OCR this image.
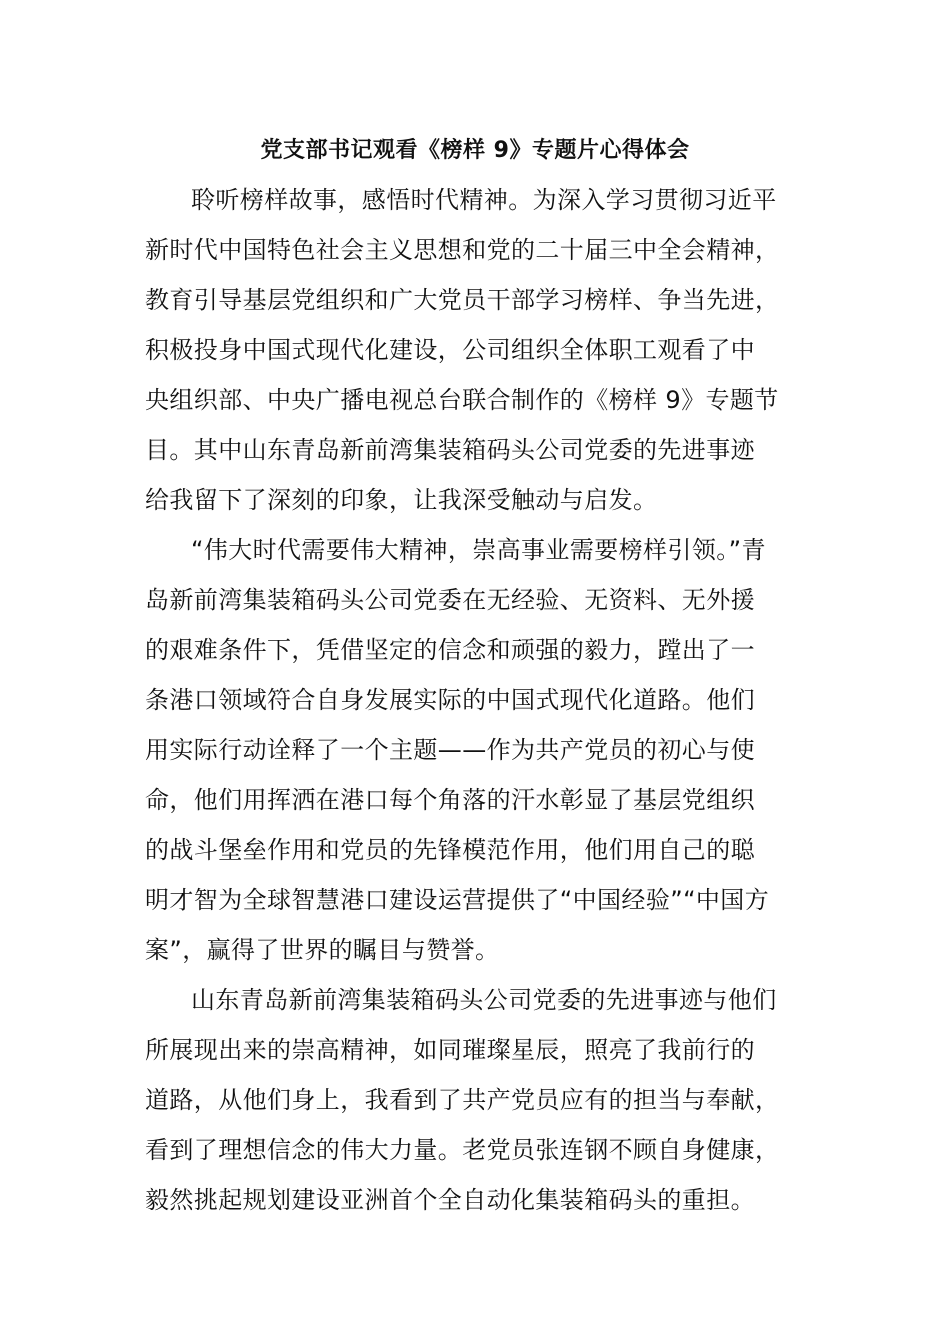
党支部书记观看《榜样 9》专题片心得体会

聆听榜样故事，感悟时代精神。为深入学习贯彻习近平
新时代中国特色社会主义思想和党的二十届三中全会精神，
教育引导基层党组织和广大党员干部学习榜样、争当先进，
积极投身中国式现代化建设，公司组织全体职工观看了中
央组织部、中央广播电视总台联合制作的《榜样 9》专题节
目。其中山东青岛新前湾集装箱码头公司党委的先进事迹
给我留下了深刻的印象，让我深受触动与启发。

“伟大时代需要伟大精神，崇高事业需要榜样引领。”青
岛新前湾集装箱码头公司党委在无经验、无资料、无外援
的艰难条件下，凭借坚定的信念和顽强的毅力，蹚出了一
条港口领域符合自身发展实际的中国式现代化道路。他们
用实际行动诠释了一个主题——作为共产党员的初心与使
命，他们用挥洒在港口每个角落的汗水彰显了基层党组织
的战斗堡垒作用和党员的先锋模范作用，他们用自己的聪
明才智为全球智慧港口建设运营提供了“中国经验”“中国方
案”，赢得了世界的瞩目与赞誉。

山东青岛新前湾集装箱码头公司党委的先进事迹与他们
所展现出来的崇高精神，如同璀璨星辰，照亮了我前行的
道路，从他们身上，我看到了共产党员应有的担当与奉献，
看到了理想信念的伟大力量。老党员张连钢不顾自身健康，
毅然挑起规划建设亚洲首个全自动化集装箱码头的重担。
